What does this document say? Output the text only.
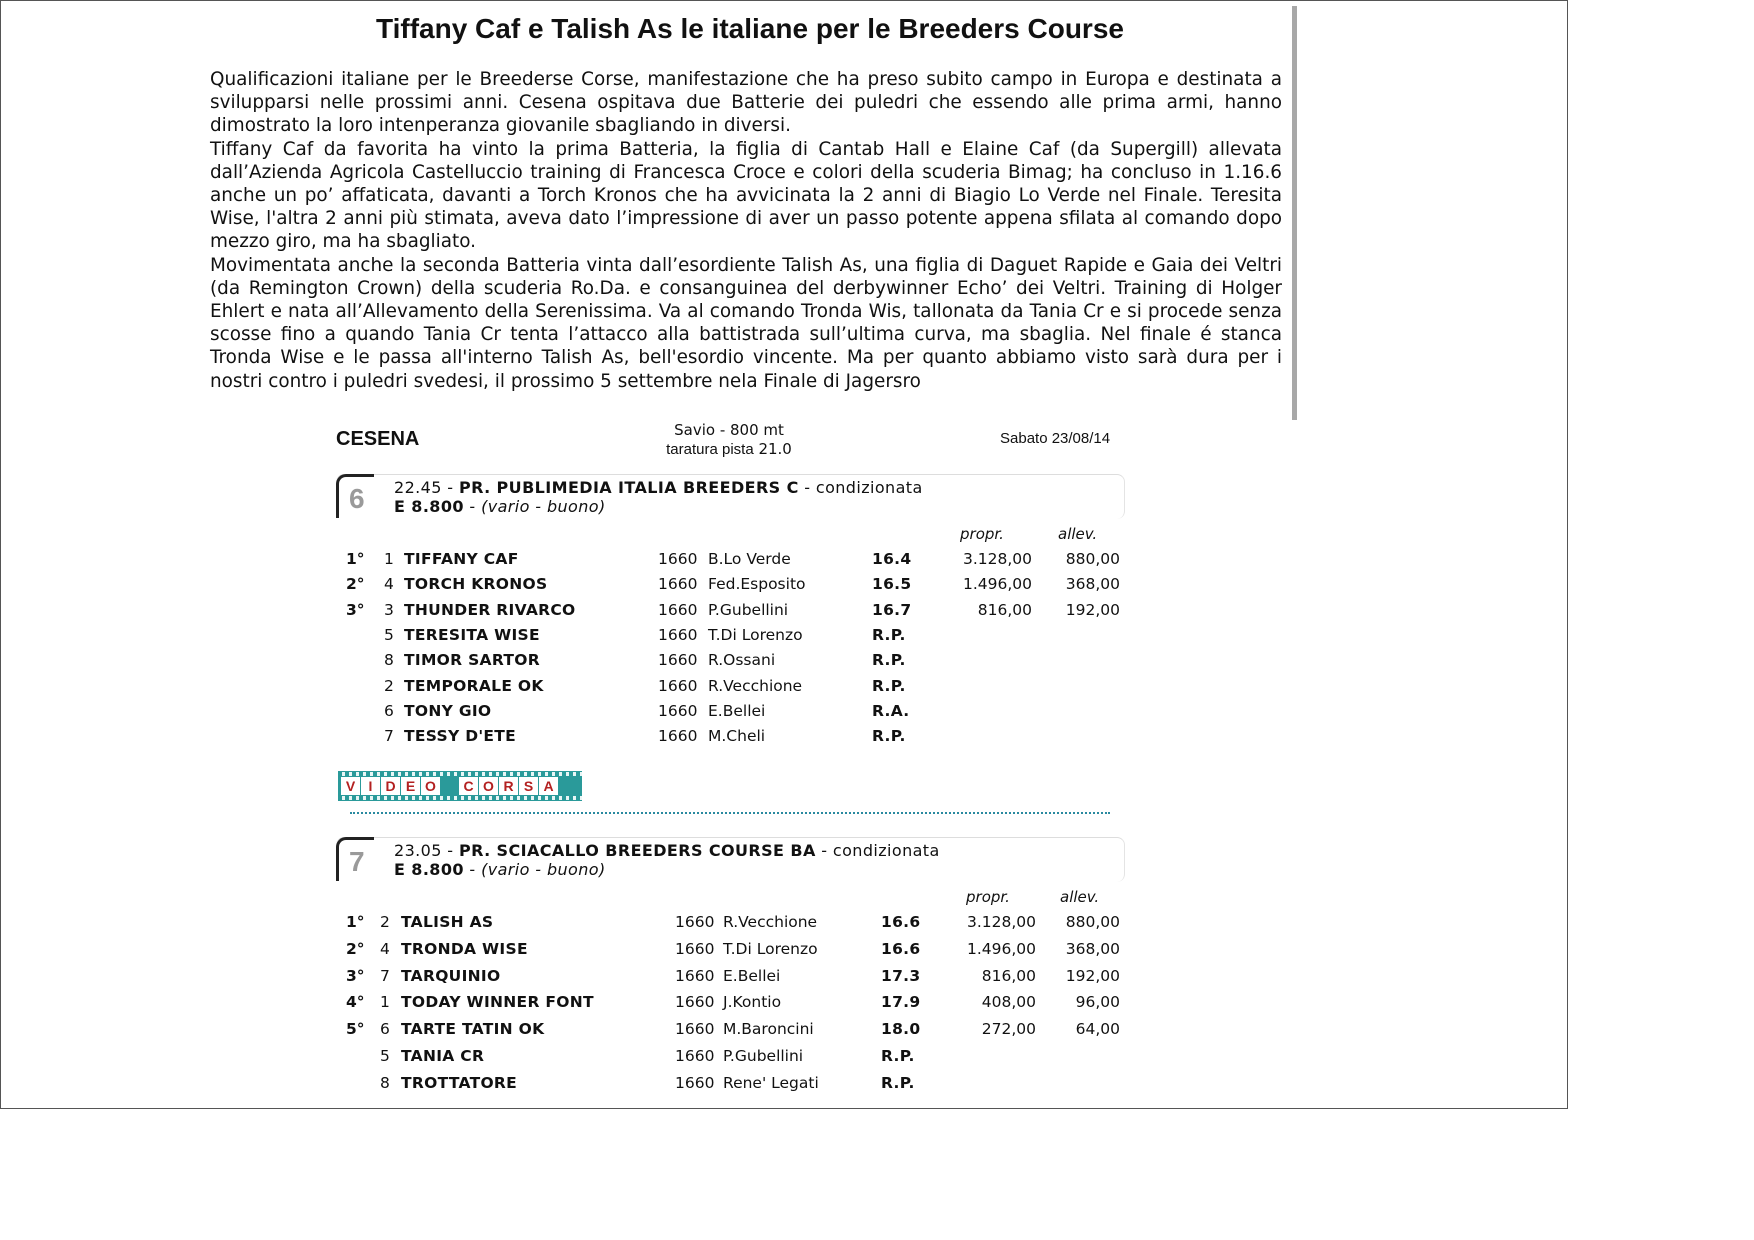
Tiffany Caf e Talish As le italiane per le Breeders Course
Qualificazioni italiane per le Breederse Corse, manifestazione che ha preso subito campo in Europa e destinata a svilupparsi nelle prossimi anni. Cesena ospitava due Batterie dei puledri che essendo alle prima armi, hanno dimostrato la loro intenperanza giovanile sbagliando in diversi.
Tiffany Caf da favorita ha vinto la prima Batteria, la figlia di Cantab Hall e Elaine Caf (da Supergill) allevata dall’Azienda Agricola Castelluccio training di Francesca Croce e colori della scuderia Bimag; ha concluso in 1.16.6 anche un po’ affaticata, davanti a Torch Kronos che ha avvicinata la 2 anni di Biagio Lo Verde nel Finale. Teresita Wise, l'altra 2 anni più stimata, aveva dato l’impressione di aver un passo potente appena sfilata al comando dopo mezzo giro, ma ha sbagliato.
Movimentata anche la seconda Batteria vinta dall’esordiente Talish As, una figlia di Daguet Rapide e Gaia dei Veltri (da Remington Crown) della scuderia Ro.Da. e consanguinea del derbywinner Echo’ dei Veltri. Training di Holger Ehlert e nata all’Allevamento della Serenissima. Va al comando Tronda Wis, tallonata da Tania Cr e si procede senza scosse fino a quando Tania Cr tenta l’attacco alla battistrada sull’ultima curva, ma sbaglia. Nel finale é stanca Tronda Wise e le passa all'interno Talish As, bell'esordio vincente. Ma per quanto abbiamo visto sarà dura per i nostri contro i puledri svedesi, il prossimo 5 settembre nela Finale di Jagersro
CESENA	Savio - 800 mt
taratura pista 21.0
Sabato 23/08/14
6 22.45 - PR. PUBLIMEDIA ITALIA BREEDERS C - condizionata
E 8.800 - (vario - buono)
propr.	allev.
1° 1 TIFFANY CAF	1660 B.Lo Verde	16.4	3.128,00 880,00
2° 4 TORCH KRONOS	1660 Fed.Esposito	16.5	1.496,00 368,00
3° 3 THUNDER RIVARCO	1660 P.Gubellini	16.7	816,00 192,00
5 TERESITA WISE	1660 T.Di Lorenzo	R.P.
8 TIMOR SARTOR	1660 R.Ossani	R.P.
2 TEMPORALE OK	1660 R.Vecchione	R.P.
6 TONY GIO	1660 E.Bellei	R.A.
7 TESSY D'ETE	1660 M.Cheli	R.P.
V I D E O	C O R S A
7 23.05 - PR. SCIACALLO BREEDERS COURSE BA - condizionata
E 8.800 - (vario - buono)
propr.	allev.
1° 2 TALISH AS	1660 R.Vecchione	16.6	3.128,00 880,00
2° 4 TRONDA WISE	1660 T.Di Lorenzo	16.6	1.496,00 368,00
3° 7 TARQUINIO	1660 E.Bellei	17.3	816,00 192,00
4° 1 TODAY WINNER FONT	1660 J.Kontio	17.9	408,00	96,00
5° 6 TARTE TATIN OK	1660 M.Baroncini	18.0	272,00	64,00
5 TANIA CR	1660 P.Gubellini	R.P.
8 TROTTATORE	1660 Rene' Legati	R.P.
